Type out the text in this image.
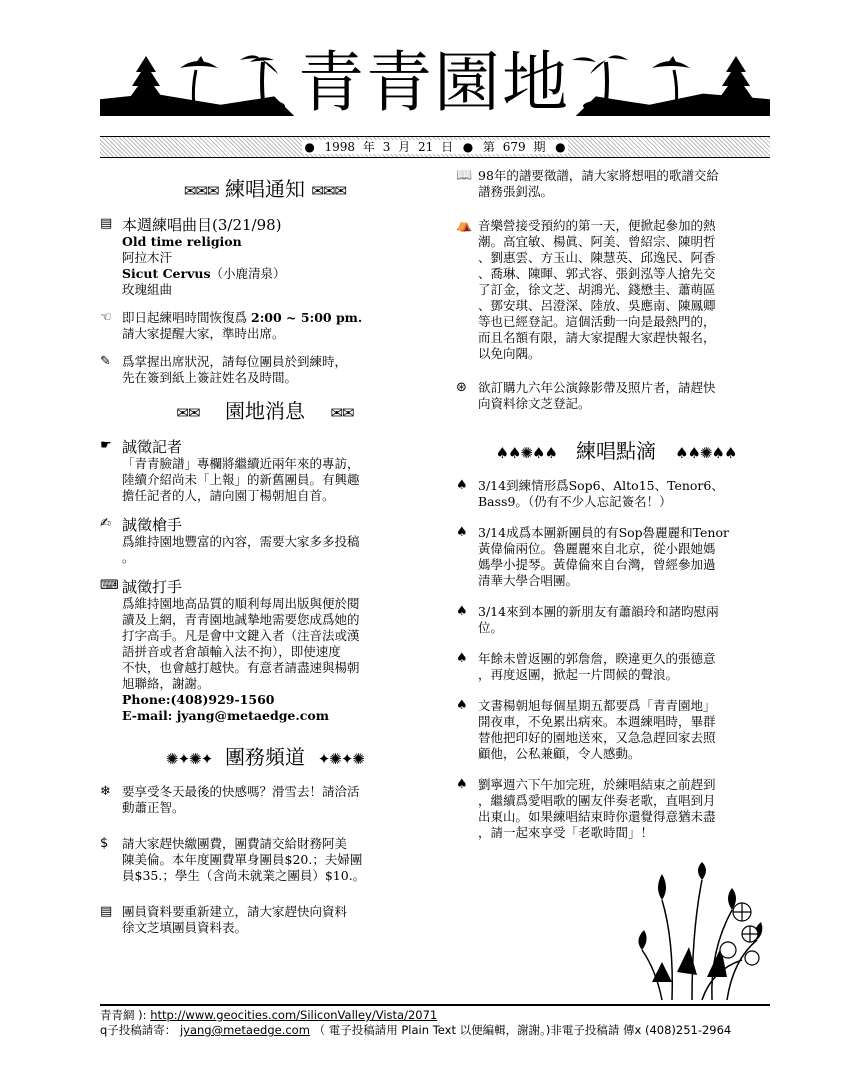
青青園地
●  1998 年 3 月 21 日  ●  第 679 期  ●
✉✉✉ 練唱通知 ✉✉✉
▤ 本週練唱曲目(3/21/98)
Old time religion
阿拉木汗
Sicut Cervus（小鹿清泉）
玫瑰組曲
☜ 即日起練唱時間恢復爲 2:00 ~ 5:00 pm.
請大家提醒大家，準時出席。
✎ 爲掌握出席狀況，請每位團員於到練時，
先在簽到紙上簽註姓名及時間。
✉✉ 園地消息 ✉✉
☛ 誠徵記者
「青青臉譜」專欄將繼續近兩年來的專訪，
陸續介紹尚未「上報」的新舊團員。有興趣
擔任記者的人，請向園丁楊朝旭自首。
✍ 誠徵槍手
爲維持園地豐富的內容，需要大家多多投稿
。
⌨ 誠徵打手
爲維持園地高品質的順利每周出版與便於閱
讀及上網，青青園地誠摯地需要您成爲她的
打字高手。凡是會中文鍵入者（注音法或漢
語拼音或者倉頡輸入法不拘），即使速度
不快，也會越打越快。有意者請盡速與楊朝
旭聯絡，謝謝。
Phone:(408)929-1560
E-mail: jyang@metaedge.com
✺✦✺✦ 團務頻道 ✦✺✦✺
❄ 要享受冬天最後的快感嗎？滑雪去！請洽活
動蕭正智。
$	請大家趕快繳團費，團費請交給財務阿美
陳美倫。本年度團費單身團員$20.；夫婦團
員$35.；學生（含尚未就業之團員）$10.。
▤ 團員資料要重新建立，請大家趕快向資料
徐文芝填團員資料表。
📖 98年的譜要徵譜，請大家將想唱的歌譜交給
譜務張釗泓。
⛺ 音樂營接受預約的第一天，便掀起參加的熱
潮。高宜敏、楊眞、阿美、曾紹宗、陳明哲
、劉惠雲、方玉山、陳慧英、邱逸民、阿香
、喬琳、陳暉、郭式容、張釗泓等人搶先交
了訂金，徐文芝、胡鴻光、錢懋圭、蕭萌區
、鄧安琪、呂澄深、陸放、吳應南、陳鳳卿
等也已經登記。這個活動一向是最熱門的，
而且名額有限，請大家提醒大家趕快報名，
以免向隅。
⊛ 欲訂購九六年公演錄影帶及照片者，請趕快
向資料徐文芝登記。
♠♠✺♠♠ 練唱點滴 ♠♠✺♠♠
♠ 3/14到練情形爲Sop6、Alto15、Tenor6、
Bass9。（仍有不少人忘記簽名！）
♠ 3/14成爲本團新團員的有Sop魯麗麗和Tenor
黃偉倫兩位。魯麗麗來自北京，從小跟她媽
媽學小提琴。黃偉倫來自台灣，曾經參加過
清華大學合唱團。
♠ 3/14來到本團的新朋友有蕭韻玲和諸昀慰兩
位。
♠ 年餘未曾返團的郭詹詹，睽違更久的張德意
，再度返團，掀起一片問候的聲浪。
♠ 文書楊朝旭每個星期五都要爲「青青園地」
開夜車，不免累出病來。本週練唱時，畢群
替他把印好的園地送來，又急急趕回家去照
顧他，公私兼顧，令人感動。
♠ 劉寧週六下午加完班，於練唱結束之前趕到
，繼續爲愛唱歌的團友伴奏老歌，直唱到月
出東山。如果練唱結束時你還覺得意猶未盡
，請一起來享受「老歌時間」！
青青網 ): http://www.geocities.com/SiliconValley/Vista/2071
q子投稿請寄： jyang@metaedge.com （ 電子投稿請用 Plain Text 以便編輯，謝謝。)非電子投稿請 傳x (408)251-2964
